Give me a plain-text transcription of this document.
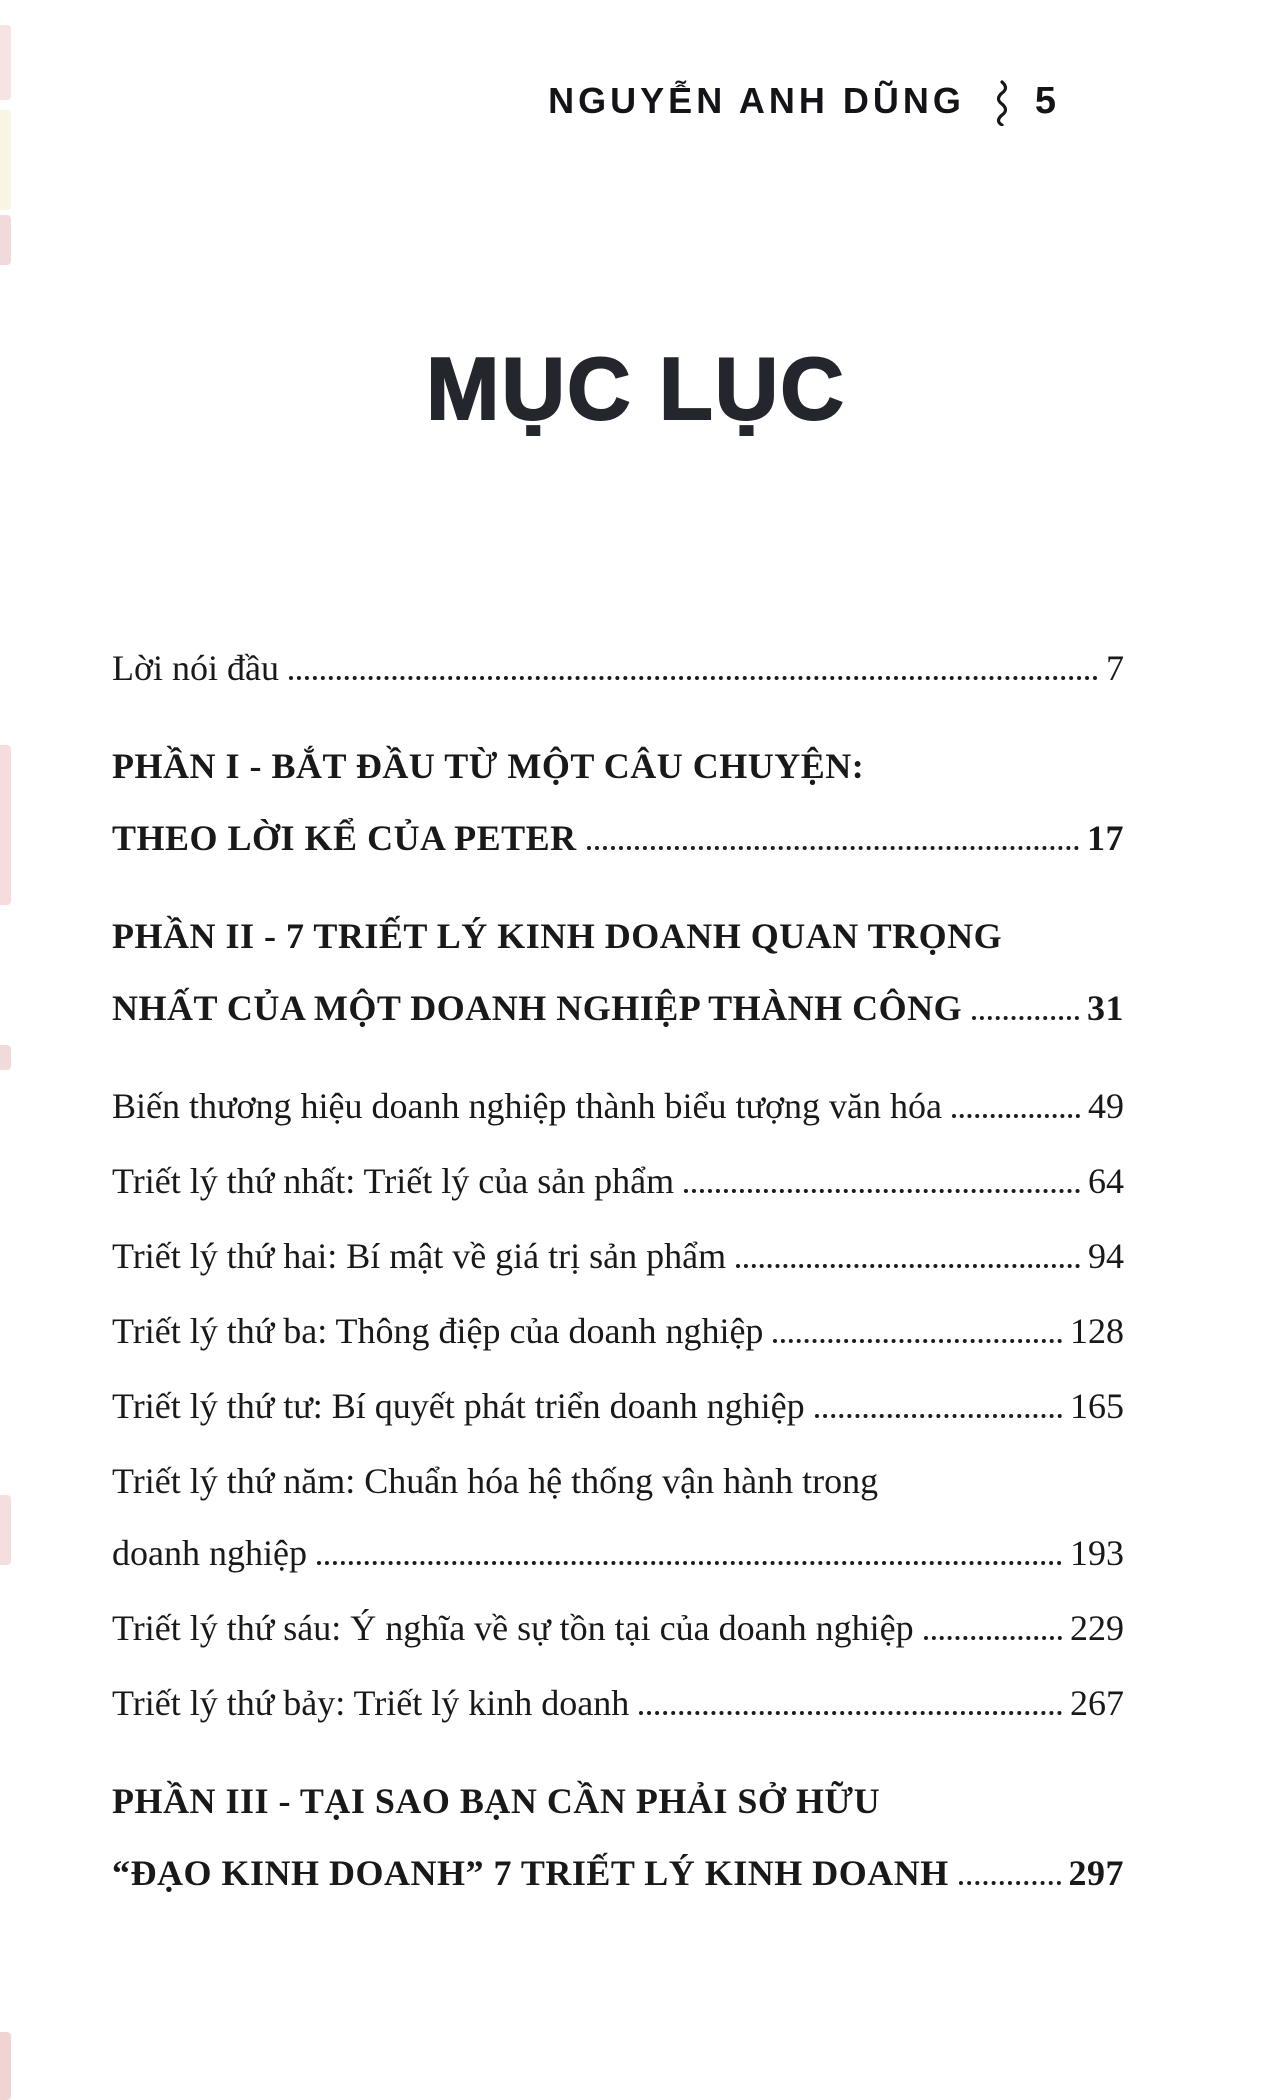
NGUYỄN ANH DŨNG 5
MỤC LỤC
Lời nói đầu	7
PHẦN I - BẮT ĐẦU TỪ MỘT CÂU CHUYỆN:
THEO LỜI KỂ CỦA PETER	17
PHẦN II - 7 TRIẾT LÝ KINH DOANH QUAN TRỌNG
NHẤT CỦA MỘT DOANH NGHIỆP THÀNH CÔNG	31
Biến thương hiệu doanh nghiệp thành biểu tượng văn hóa	49
Triết lý thứ nhất: Triết lý của sản phẩm	64
Triết lý thứ hai: Bí mật về giá trị sản phẩm	94
Triết lý thứ ba: Thông điệp của doanh nghiệp	128
Triết lý thứ tư: Bí quyết phát triển doanh nghiệp	165
Triết lý thứ năm: Chuẩn hóa hệ thống vận hành trong
doanh nghiệp	193
Triết lý thứ sáu: Ý nghĩa về sự tồn tại của doanh nghiệp	229
Triết lý thứ bảy: Triết lý kinh doanh	267
PHẦN III - TẠI SAO BẠN CẦN PHẢI SỞ HỮU
“ĐẠO KINH DOANH” 7 TRIẾT LÝ KINH DOANH	297
